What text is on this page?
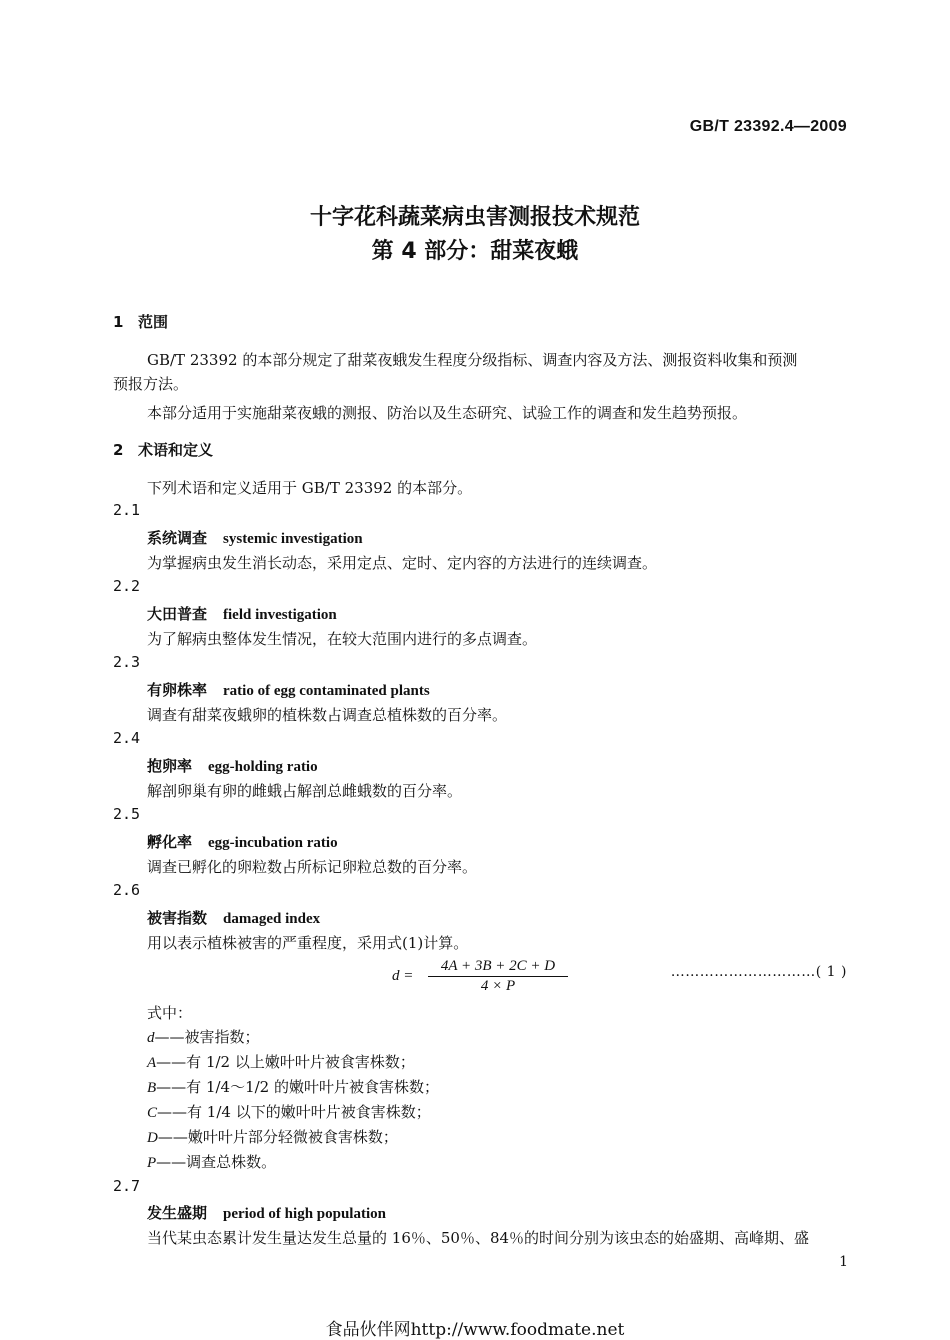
GB/T 23392.4—2009
十字花科蔬菜病虫害测报技术规范
第 4 部分：甜菜夜蛾
1 范围
GB/T 23392 的本部分规定了甜菜夜蛾发生程度分级指标、调查内容及方法、测报资料收集和预测
预报方法。
本部分适用于实施甜菜夜蛾的测报、防治以及生态研究、试验工作的调查和发生趋势预报。
2 术语和定义
下列术语和定义适用于 GB/T 23392 的本部分。
2.1
系统调查 systemic investigation
为掌握病虫发生消长动态，采用定点、定时、定内容的方法进行的连续调查。
2.2
大田普查 field investigation
为了解病虫整体发生情况，在较大范围内进行的多点调查。
2.3
有卵株率 ratio of egg contaminated plants
调查有甜菜夜蛾卵的植株数占调查总植株数的百分率。
2.4
抱卵率 egg-holding ratio
解剖卵巢有卵的雌蛾占解剖总雌蛾数的百分率。
2.5
孵化率 egg-incubation ratio
调查已孵化的卵粒数占所标记卵粒总数的百分率。
2.6
被害指数 damaged index
用以表示植株被害的严重程度，采用式(1)计算。
$d = \frac{4A + 3B + 2C + D}{4 \times P}$	…………………………( 1 )
式中：
d——被害指数；
A——有 1/2 以上嫩叶叶片被食害株数；
B——有 1/4～1/2 的嫩叶叶片被食害株数；
C——有 1/4 以下的嫩叶叶片被食害株数；
D——嫩叶叶片部分轻微被食害株数；
P——调查总株数。
2.7
发生盛期 period of high population
当代某虫态累计发生量达发生总量的 16％、50％、84％的时间分别为该虫态的始盛期、高峰期、盛
1
食品伙伴网http://www.foodmate.net
